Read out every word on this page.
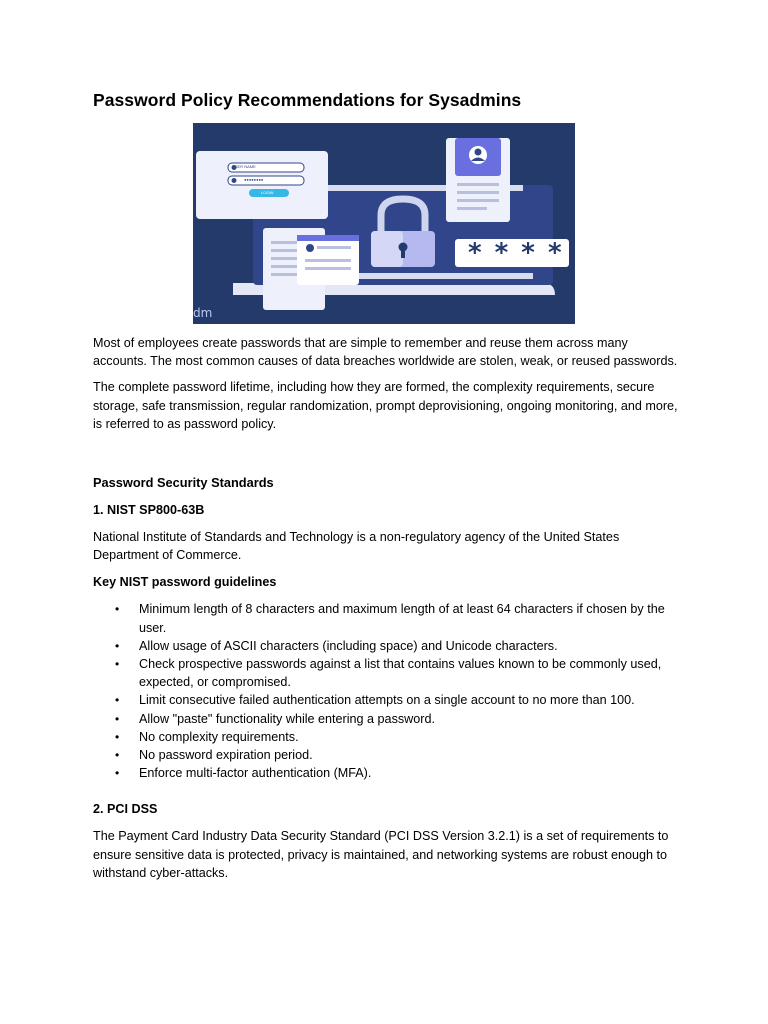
Password Policy Recommendations for Sysadmins
* * * *
USER NAME
●●●●●●●●
LOGIN
dm

Most of employees create passwords that are simple to remember and reuse them across many accounts. The most common causes of data breaches worldwide are stolen, weak, or reused passwords.

The complete password lifetime, including how they are formed, the complexity requirements, secure storage, safe transmission, regular randomization, prompt deprovisioning, ongoing monitoring, and more, is referred to as password policy.

Password Security Standards
1. NIST SP800-63B

National Institute of Standards and Technology is a non-regulatory agency of the United States Department of Commerce.

Key NIST password guidelines
• Minimum length of 8 characters and maximum length of at least 64 characters if chosen by the user.
• Allow usage of ASCII characters (including space) and Unicode characters.
• Check prospective passwords against a list that contains values known to be commonly used, expected, or compromised.
• Limit consecutive failed authentication attempts on a single account to no more than 100.
• Allow "paste" functionality while entering a password.
• No complexity requirements.
• No password expiration period.
• Enforce multi-factor authentication (MFA).
2. PCI DSS

The Payment Card Industry Data Security Standard (PCI DSS Version 3.2.1) is a set of requirements to ensure sensitive data is protected, privacy is maintained, and networking systems are robust enough to withstand cyber-attacks.
